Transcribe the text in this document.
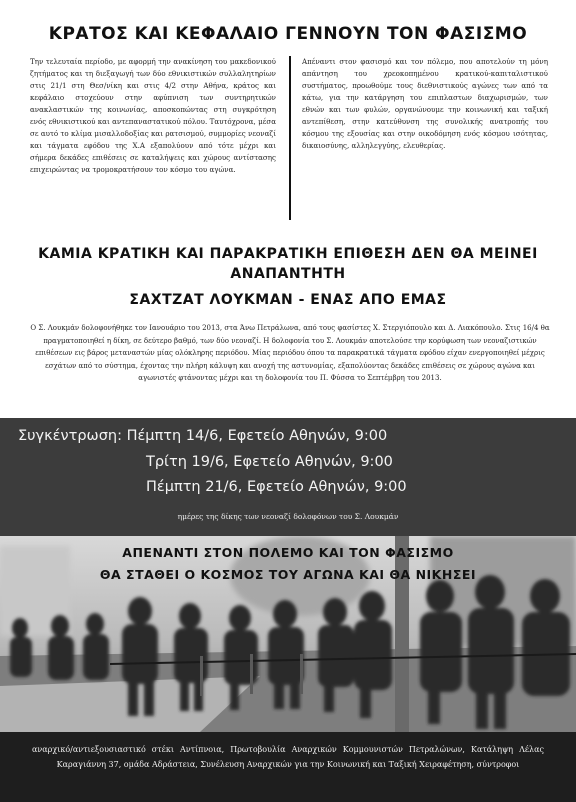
ΚΡΑΤΟΣ ΚΑΙ ΚΕΦΑΛΑΙΟ ΓΕΝΝΟΥΝ ΤΟΝ ΦΑΣΙΣΜΟ
Την τελευταία περίοδο, με αφορμή την ανακίνηση του μακεδονικού ζητήματος και τη διεξαγωγή των δύο εθνικιστικών συλλαλητηρίων στις 21/1 στη Θεσ/νίκη και στις 4/2 στην Αθήνα, κράτος και κεφάλαιο στοχεύουν στην αφύπνιση των συντηρητικών ανακλαστικών της κοινωνίας, αποσκοπώντας στη συγκρότηση ενός εθνικιστικού και αντεπαναστατικού πόλου. Ταυτόχρονα, μέσα σε αυτό το κλίμα μισαλλοδοξίας και ρατσισμού, συμμορίες νεοναζί και τάγματα εφόδου της Χ.Α εξαπολύουν από τότε μέχρι και σήμερα δεκάδες επιθέσεις σε καταλήψεις και χώρους αντίστασης επιχειρώντας να τρομοκρατήσουν τον κόσμο του αγώνα.
Απέναντι στον φασισμό και τον πόλεμο, που αποτελούν τη μόνη απάντηση του χρεοκοπημένου κρατικού-καπιταλιστικού συστήματος, προωθούμε τους διεθνιστικούς αγώνες των από τα κάτω, για την κατάργηση του επιπλαστων διαχωρισμών, των εθνών και των φυλών, οργανώνουμε την κοινωνική και ταξική αντεπίθεση, στην κατεύθυνση της συνολικής ανατροπής του κόσμου της εξουσίας και στην οικοδόμηση ενός κόσμου ισότητας, δικαιοσύνης, αλληλεγγύης, ελευθερίας.
ΚΑΜΙΑ ΚΡΑΤΙΚΗ ΚΑΙ ΠΑΡΑΚΡΑΤΙΚΗ ΕΠΙΘΕΣΗ ΔΕΝ ΘΑ ΜΕΙΝΕΙ
ΑΝΑΠΑΝΤΗΤΗ
ΣΑΧΤΖΑΤ ΛΟΥΚΜΑΝ - ΕΝΑΣ ΑΠΟ ΕΜΑΣ
Ο Σ. Λουκμάν δολοφονήθηκε τον Ιανουάριο του 2013, στα Άνω Πετράλωνα, από τους φασίστες Χ. Στεργιόπουλο και Δ. Λιακόπουλο. Στις 16/4 θα πραγματοποιηθεί η δίκη, σε δεύτερο βαθμό, των δύο νεοναζί. Η δολοφονία του Σ. Λουκμάν αποτελούσε την κορύφωση των νεοναζιστικών επιθέσεων εις βάρος μεταναστών μίας ολόκληρης περιόδου. Μίας περιόδου όπου τα παρακρατικά τάγματα εφόδου είχαν ενεργοποιηθεί μέχρις εσχάτων από το σύστημα, έχοντας την πλήρη κάλυψη και ανοχή της αστυνομίας, εξαπολύοντας δεκάδες επιθέσεις σε χώρους αγώνα και αγωνιστές φτάνοντας μέχρι και τη δολοφονία του Π. Φύσσα το Σεπτέμβρη του 2013.
Συγκέντρωση: Πέμπτη 14/6, Εφετείο Αθηνών, 9:00
Τρίτη 19/6, Εφετείο Αθηνών, 9:00
Πέμπτη 21/6, Εφετείο Αθηνών, 9:00
ημέρες της δίκης των νεοναζί δολοφόνων του Σ. Λουκμάν
ΑΠΕΝΑΝΤΙ ΣΤΟΝ ΠΟΛΕΜΟ ΚΑΙ ΤΟΝ ΦΑΣΙΣΜΟ
ΘΑ ΣΤΑΘΕΙ Ο ΚΟΣΜΟΣ ΤΟΥ ΑΓΩΝΑ ΚΑΙ ΘΑ ΝΙΚΗΣΕΙ
αναρχικό/αντιεξουσιαστικό στέκι Αντίπνοια, Πρωτοβουλία Αναρχικών Κομμουνιστών Πετραλώνων, Κατάληψη Λέλας Καραγιάννη 37, ομάδα Αδράστεια, Συνέλευση Αναρχικών για την Κοινωνική και Ταξική Χειραφέτηση, σύντροφοι
